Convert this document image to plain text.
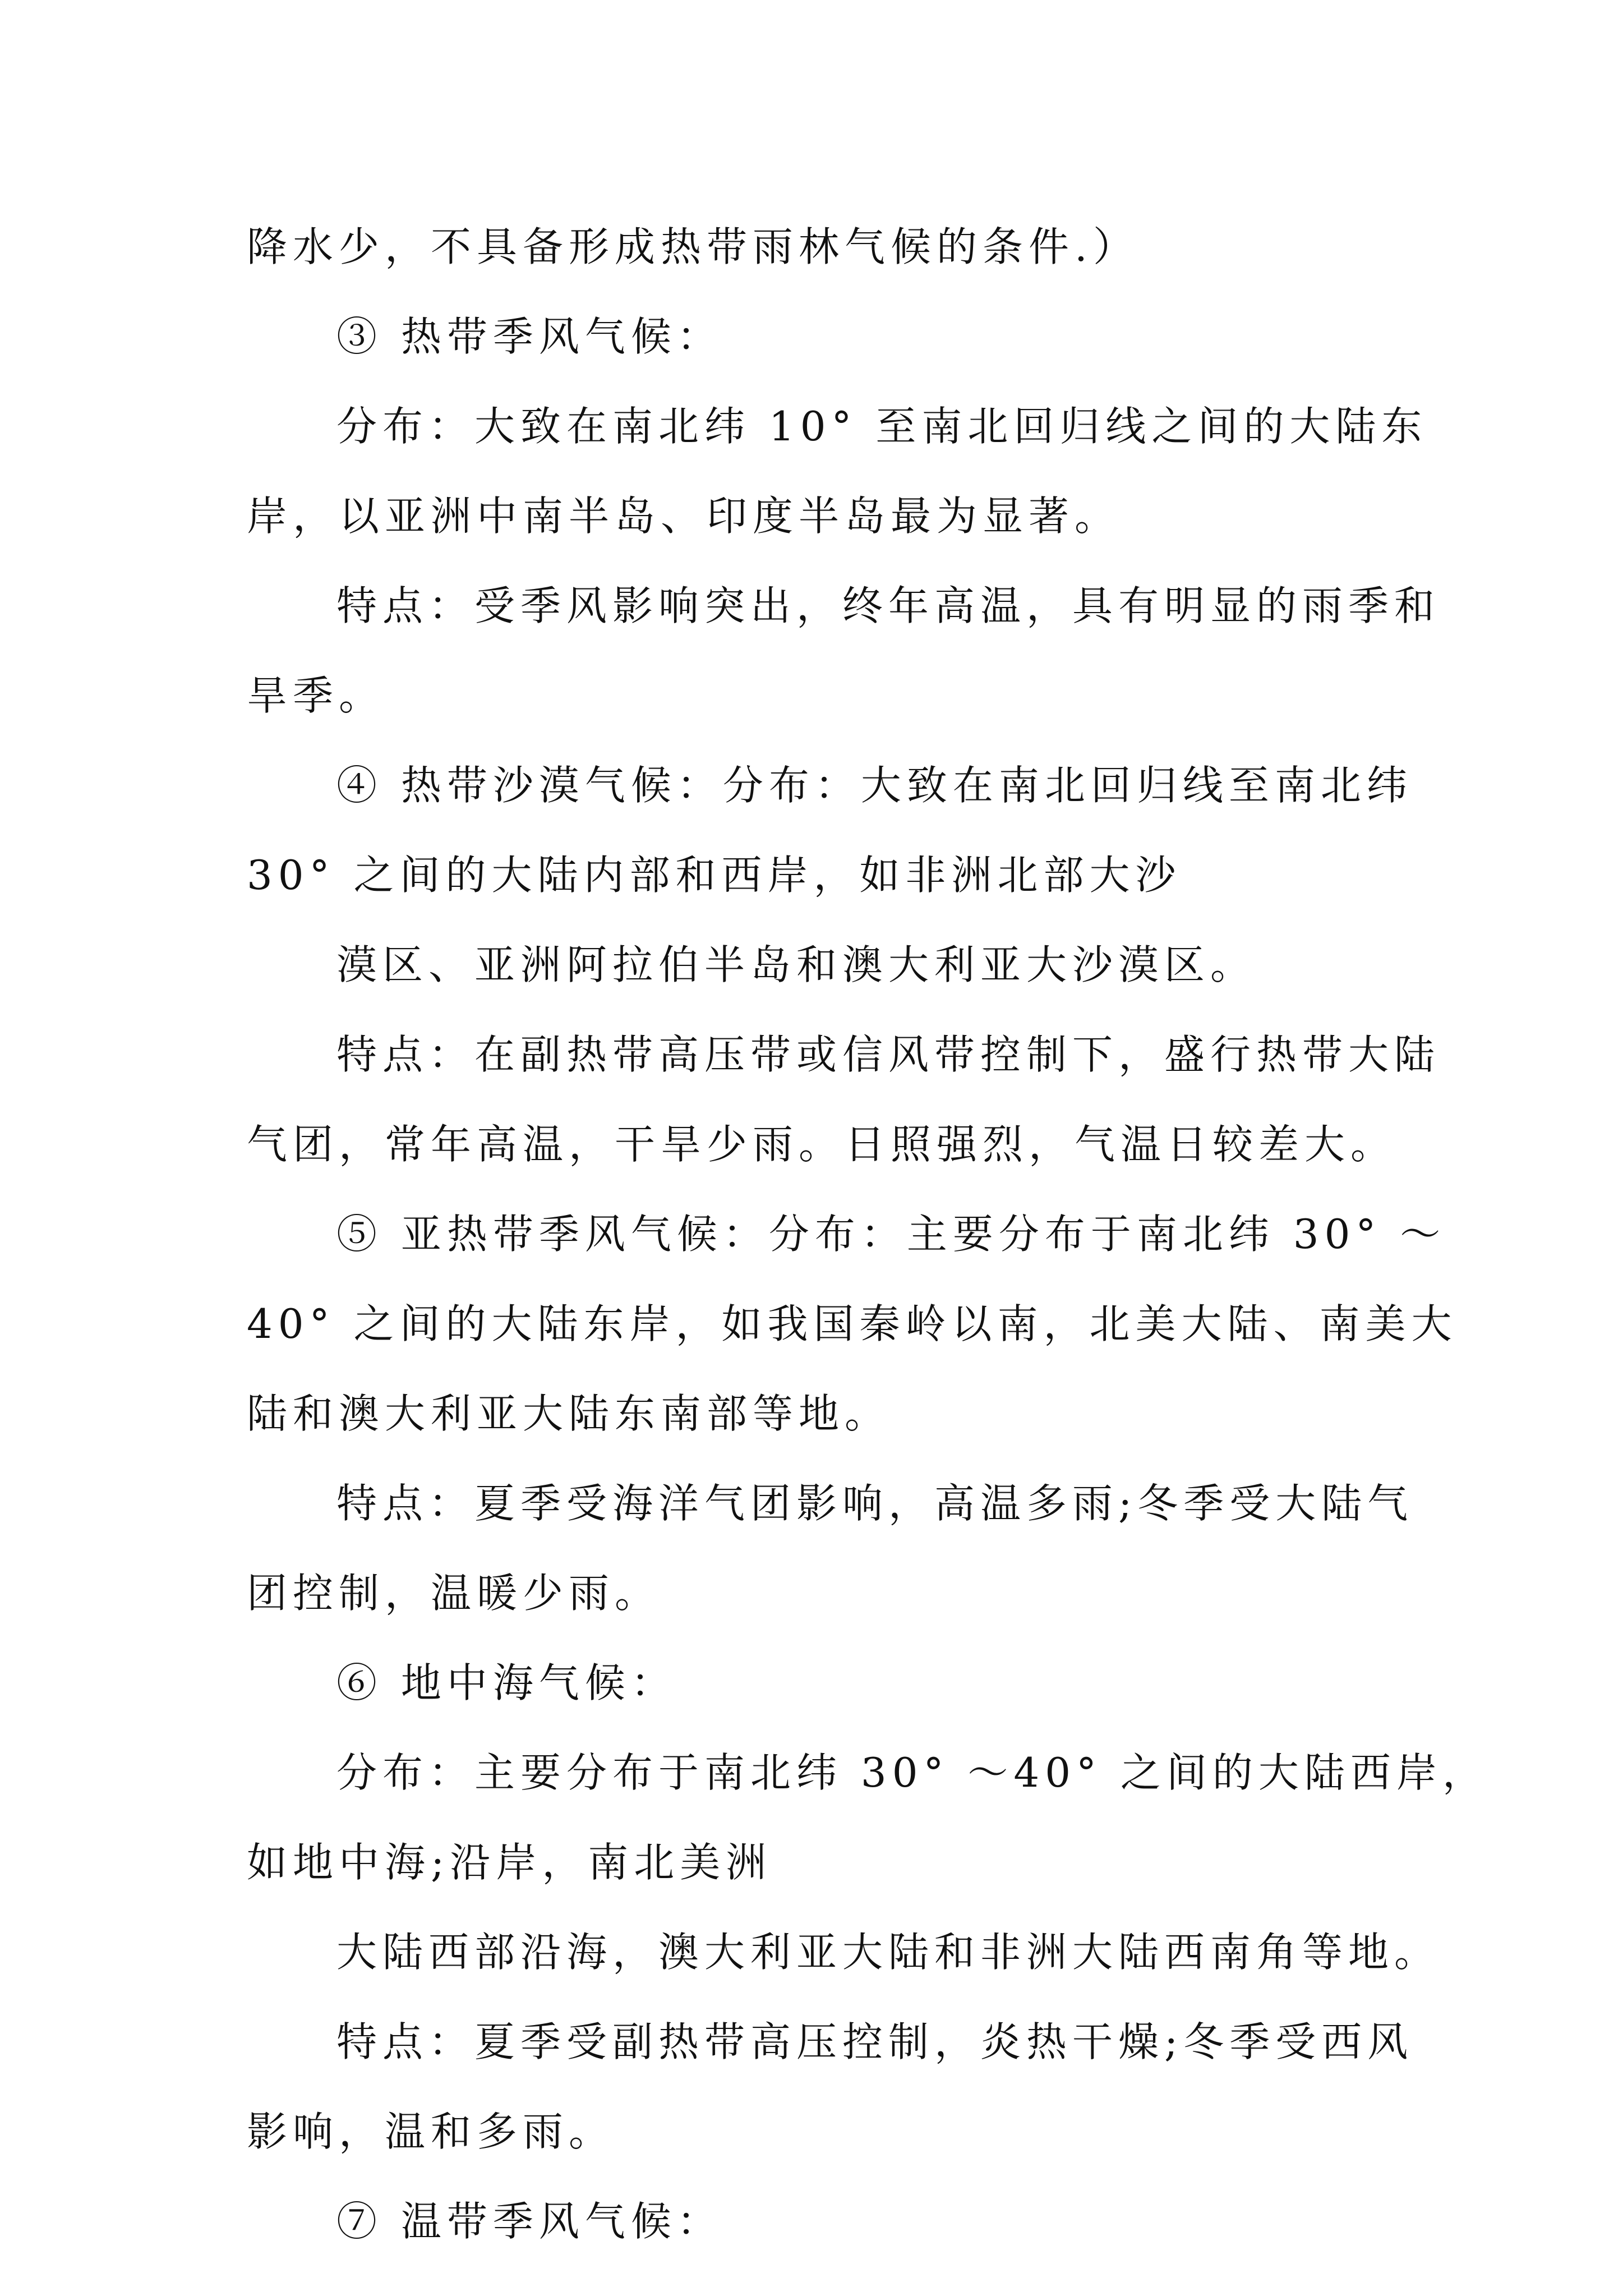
降水少，不具备形成热带雨林气候的条件.）
③ 热带季风气候：
分布：大致在南北纬 10° 至南北回归线之间的大陆东
岸，以亚洲中南半岛、印度半岛最为显著。
特点：受季风影响突出，终年高温，具有明显的雨季和
旱季。
④ 热带沙漠气候：分布：大致在南北回归线至南北纬
30° 之间的大陆内部和西岸，如非洲北部大沙
漠区、亚洲阿拉伯半岛和澳大利亚大沙漠区。
特点：在副热带高压带或信风带控制下，盛行热带大陆
气团，常年高温，干旱少雨。日照强烈，气温日较差大。
⑤ 亚热带季风气候：分布：主要分布于南北纬 30° ～
40° 之间的大陆东岸，如我国秦岭以南，北美大陆、南美大
陆和澳大利亚大陆东南部等地。
特点：夏季受海洋气团影响，高温多雨;冬季受大陆气
团控制，温暖少雨。
⑥ 地中海气候：
分布：主要分布于南北纬 30° ～40° 之间的大陆西岸，
如地中海;沿岸，南北美洲
大陆西部沿海，澳大利亚大陆和非洲大陆西南角等地。
特点：夏季受副热带高压控制，炎热干燥;冬季受西风
影响，温和多雨。
⑦ 温带季风气候：
